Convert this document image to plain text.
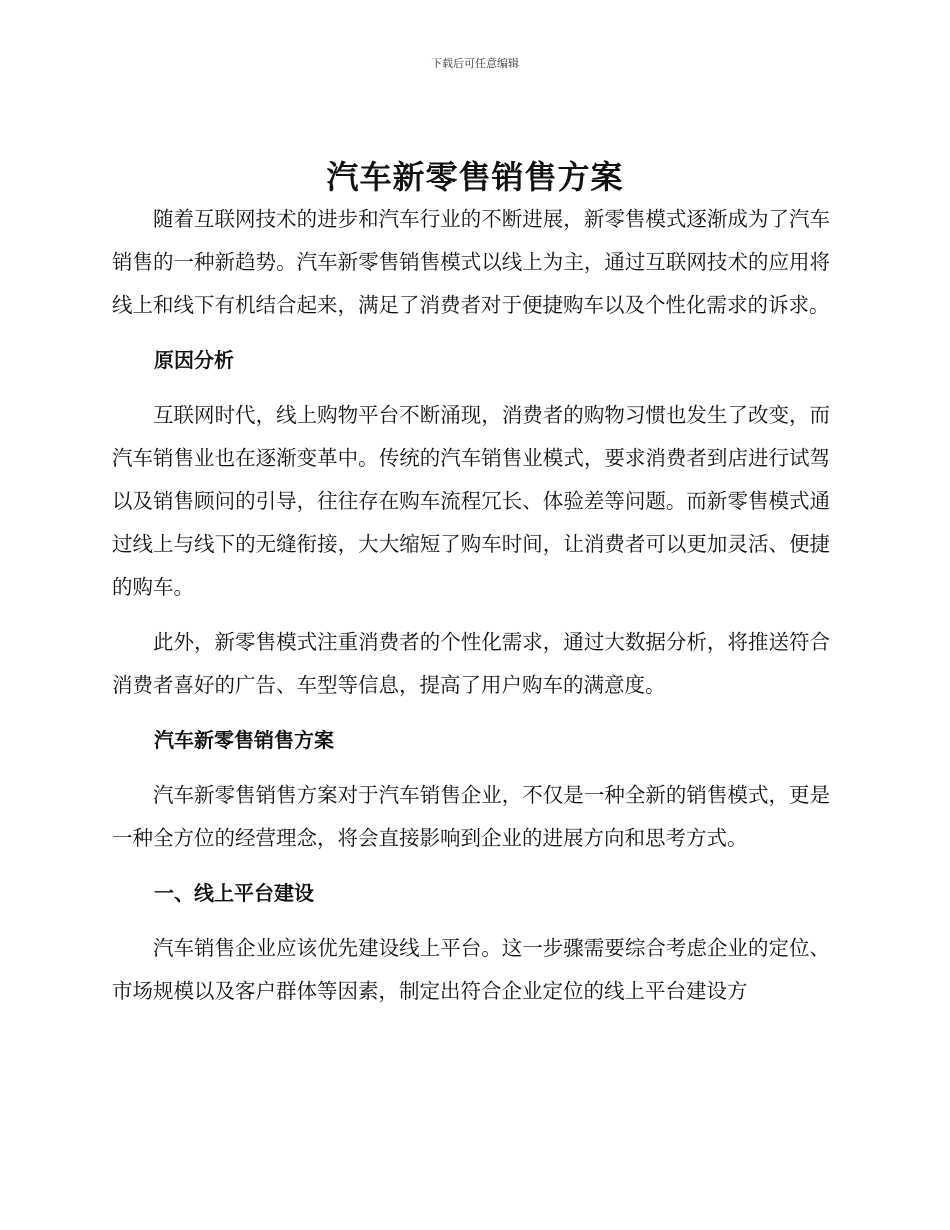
下载后可任意编辑
汽车新零售销售方案

随着互联网技术的进步和汽车行业的不断进展，新零售模式逐渐成为了汽车销售的一种新趋势。汽车新零售销售模式以线上为主，通过互联网技术的应用将线上和线下有机结合起来，满足了消费者对于便捷购车以及个性化需求的诉求。

原因分析

互联网时代，线上购物平台不断涌现，消费者的购物习惯也发生了改变，而汽车销售业也在逐渐变革中。传统的汽车销售业模式，要求消费者到店进行试驾以及销售顾问的引导，往往存在购车流程冗长、体验差等问题。而新零售模式通过线上与线下的无缝衔接，大大缩短了购车时间，让消费者可以更加灵活、便捷的购车。

此外，新零售模式注重消费者的个性化需求，通过大数据分析，将推送符合消费者喜好的广告、车型等信息，提高了用户购车的满意度。

汽车新零售销售方案

汽车新零售销售方案对于汽车销售企业，不仅是一种全新的销售模式，更是一种全方位的经营理念，将会直接影响到企业的进展方向和思考方式。

一、线上平台建设

汽车销售企业应该优先建设线上平台。这一步骤需要综合考虑企业的定位、市场规模以及客户群体等因素，制定出符合企业定位的线上平台建设方
